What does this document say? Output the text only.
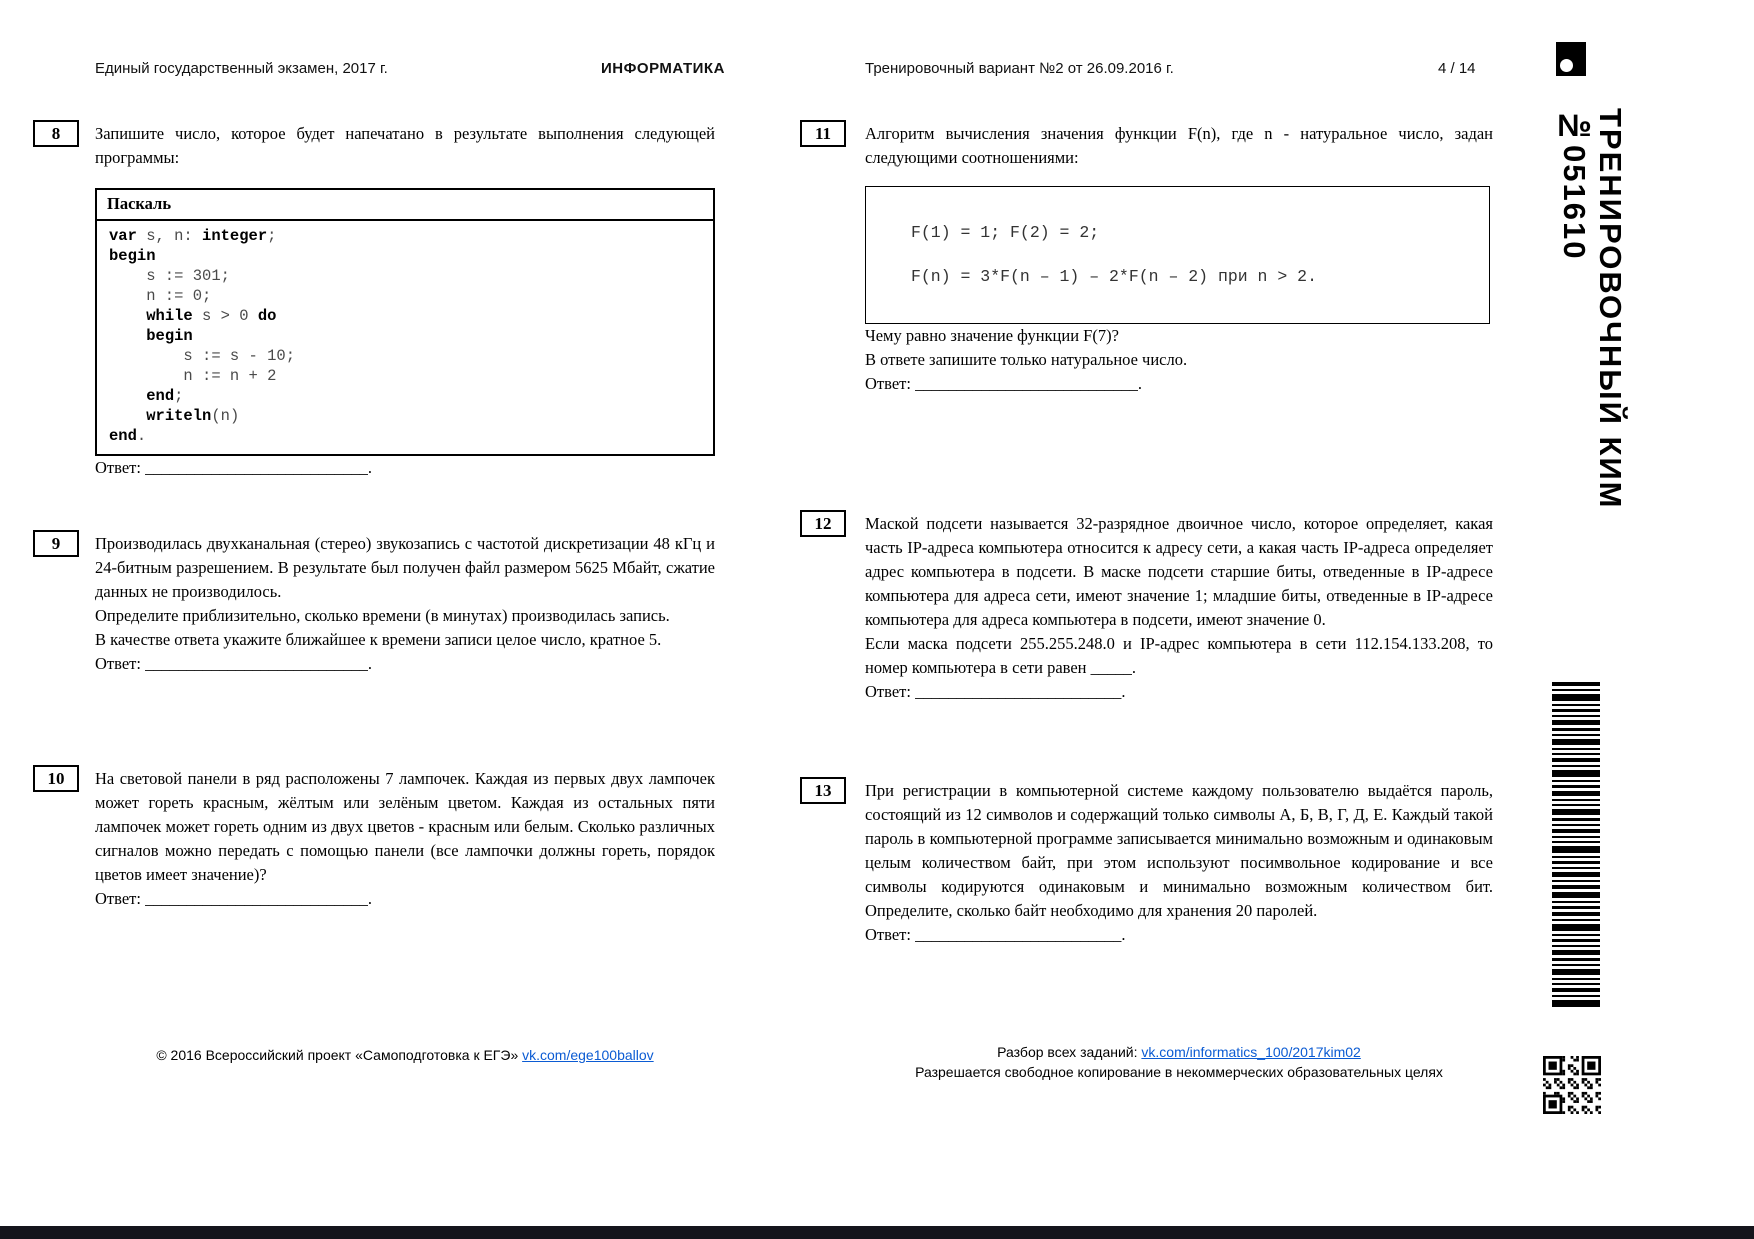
Единый государственный экзамен, 2017 г.	ИНФОРМАТИКА	Тренировочный вариант №2 от 26.09.2016 г.	4 / 14
8	Запишите число, которое будет напечатано в результате выполнения следующей программы:

Паскаль
var s, n: integer;
begin
s := 301;
n := 0;
while s > 0 do
begin
s := s - 10;
n := n + 2
end;
writeln(n)
end.

Ответ: ___________________________.

9	Производилась двухканальная (стерео) звукозапись с частотой дискретизации 48 кГц и 24-битным разрешением. В результате был получен файл размером 5625 Мбайт, сжатие данных не производилось.

Определите приблизительно, сколько времени (в минутах) производилась запись.

В качестве ответа укажите ближайшее к времени записи целое число, кратное 5.

Ответ: ___________________________.

10	На световой панели в ряд расположены 7 лампочек. Каждая из первых двух лампочек может гореть красным, жёлтым или зелёным цветом. Каждая из остальных пяти лампочек может гореть одним из двух цветов - красным или белым. Сколько различных сигналов можно передать с помощью панели (все лампочки должны гореть, порядок цветов имеет значение)?

Ответ: ___________________________.

11	Алгоритм вычисления значения функции F(n), где n - натуральное число, задан следующими соотношениями:

F(1) = 1; F(2) = 2;
F(n) = 3*F(n – 1) – 2*F(n – 2) при n > 2.

Чему равно значение функции F(7)?

В ответе запишите только натуральное число.

Ответ: ___________________________.

12	Маской подсети называется 32-разрядное двоичное число, которое определяет, какая часть IP-адреса компьютера относится к адресу сети, а какая часть IP-адреса определяет адрес компьютера в подсети. В маске подсети старшие биты, отведенные в IP-адресе компьютера для адреса сети, имеют значение 1; младшие биты, отведенные в IP-адресе компьютера для адреса компьютера в подсети, имеют значение 0.

Если маска подсети 255.255.248.0 и IP-адрес компьютера в сети 112.154.133.208, то номер компьютера в сети равен _____.

Ответ: _________________________.

13	При регистрации в компьютерной системе каждому пользователю выдаётся пароль, состоящий из 12 символов и содержащий только символы А, Б, В, Г, Д, Е. Каждый такой пароль в компьютерной программе записывается минимально возможным и одинаковым целым количеством байт, при этом используют посимвольное кодирование и все символы кодируются одинаковым и минимально возможным количеством бит. Определите, сколько байт необходимо для хранения 20 паролей.

Ответ: _________________________.

ТРЕНИРОВОЧНЫЙ КИМ №051610
© 2016 Всероссийский проект «Самоподготовка к ЕГЭ» vk.com/ege100ballov	Разбор всех заданий: vk.com/informatics_100/2017kim02
Разрешается свободное копирование в некоммерческих образовательных целях
